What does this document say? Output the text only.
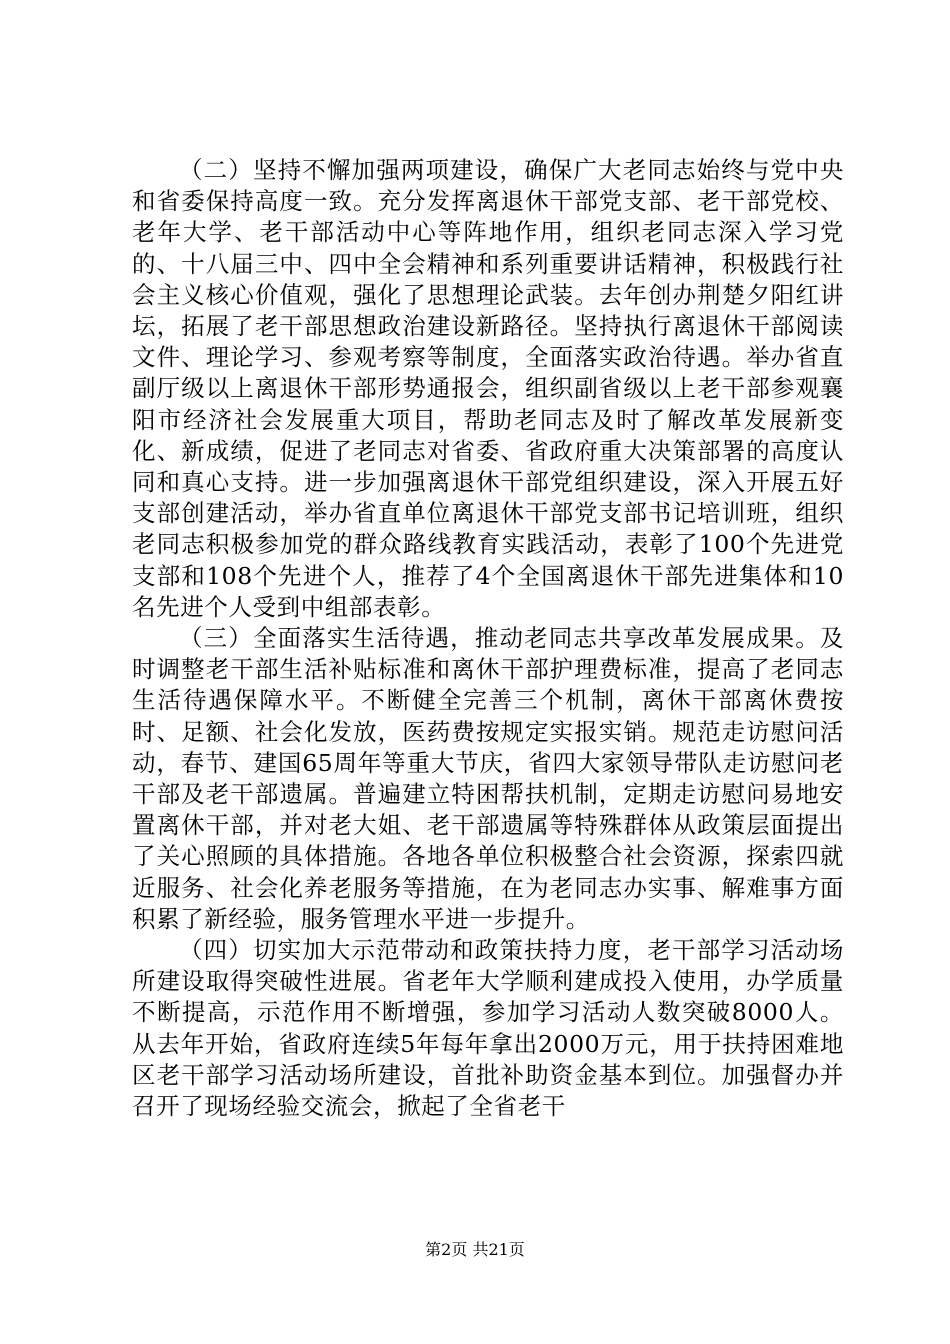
（二）坚持不懈加强两项建设，确保广大老同志始终与党中央和省委保持高度一致。充分发挥离退休干部党支部、老干部党校、老年大学、老干部活动中心等阵地作用，组织老同志深入学习党的、十八届三中、四中全会精神和系列重要讲话精神，积极践行社会主义核心价值观，强化了思想理论武装。去年创办荆楚夕阳红讲坛，拓展了老干部思想政治建设新路径。坚持执行离退休干部阅读文件、理论学习、参观考察等制度，全面落实政治待遇。举办省直副厅级以上离退休干部形势通报会，组织副省级以上老干部参观襄阳市经济社会发展重大项目，帮助老同志及时了解改革发展新变化、新成绩，促进了老同志对省委、省政府重大决策部署的高度认同和真心支持。进一步加强离退休干部党组织建设，深入开展五好支部创建活动，举办省直单位离退休干部党支部书记培训班，组织老同志积极参加党的群众路线教育实践活动，表彰了100个先进党支部和108个先进个人，推荐了4个全国离退休干部先进集体和10名先进个人受到中组部表彰。

（三）全面落实生活待遇，推动老同志共享改革发展成果。及时调整老干部生活补贴标准和离休干部护理费标准，提高了老同志生活待遇保障水平。不断健全完善三个机制，离休干部离休费按时、足额、社会化发放，医药费按规定实报实销。规范走访慰问活动，春节、建国65周年等重大节庆，省四大家领导带队走访慰问老干部及老干部遗属。普遍建立特困帮扶机制，定期走访慰问易地安置离休干部，并对老大姐、老干部遗属等特殊群体从政策层面提出了关心照顾的具体措施。各地各单位积极整合社会资源，探索四就近服务、社会化养老服务等措施，在为老同志办实事、解难事方面积累了新经验，服务管理水平进一步提升。

（四）切实加大示范带动和政策扶持力度，老干部学习活动场所建设取得突破性进展。省老年大学顺利建成投入使用，办学质量不断提高，示范作用不断增强，参加学习活动人数突破8000人。从去年开始，省政府连续5年每年拿出2000万元，用于扶持困难地区老干部学习活动场所建设，首批补助资金基本到位。加强督办并召开了现场经验交流会，掀起了全省老干

第2页 共21页
